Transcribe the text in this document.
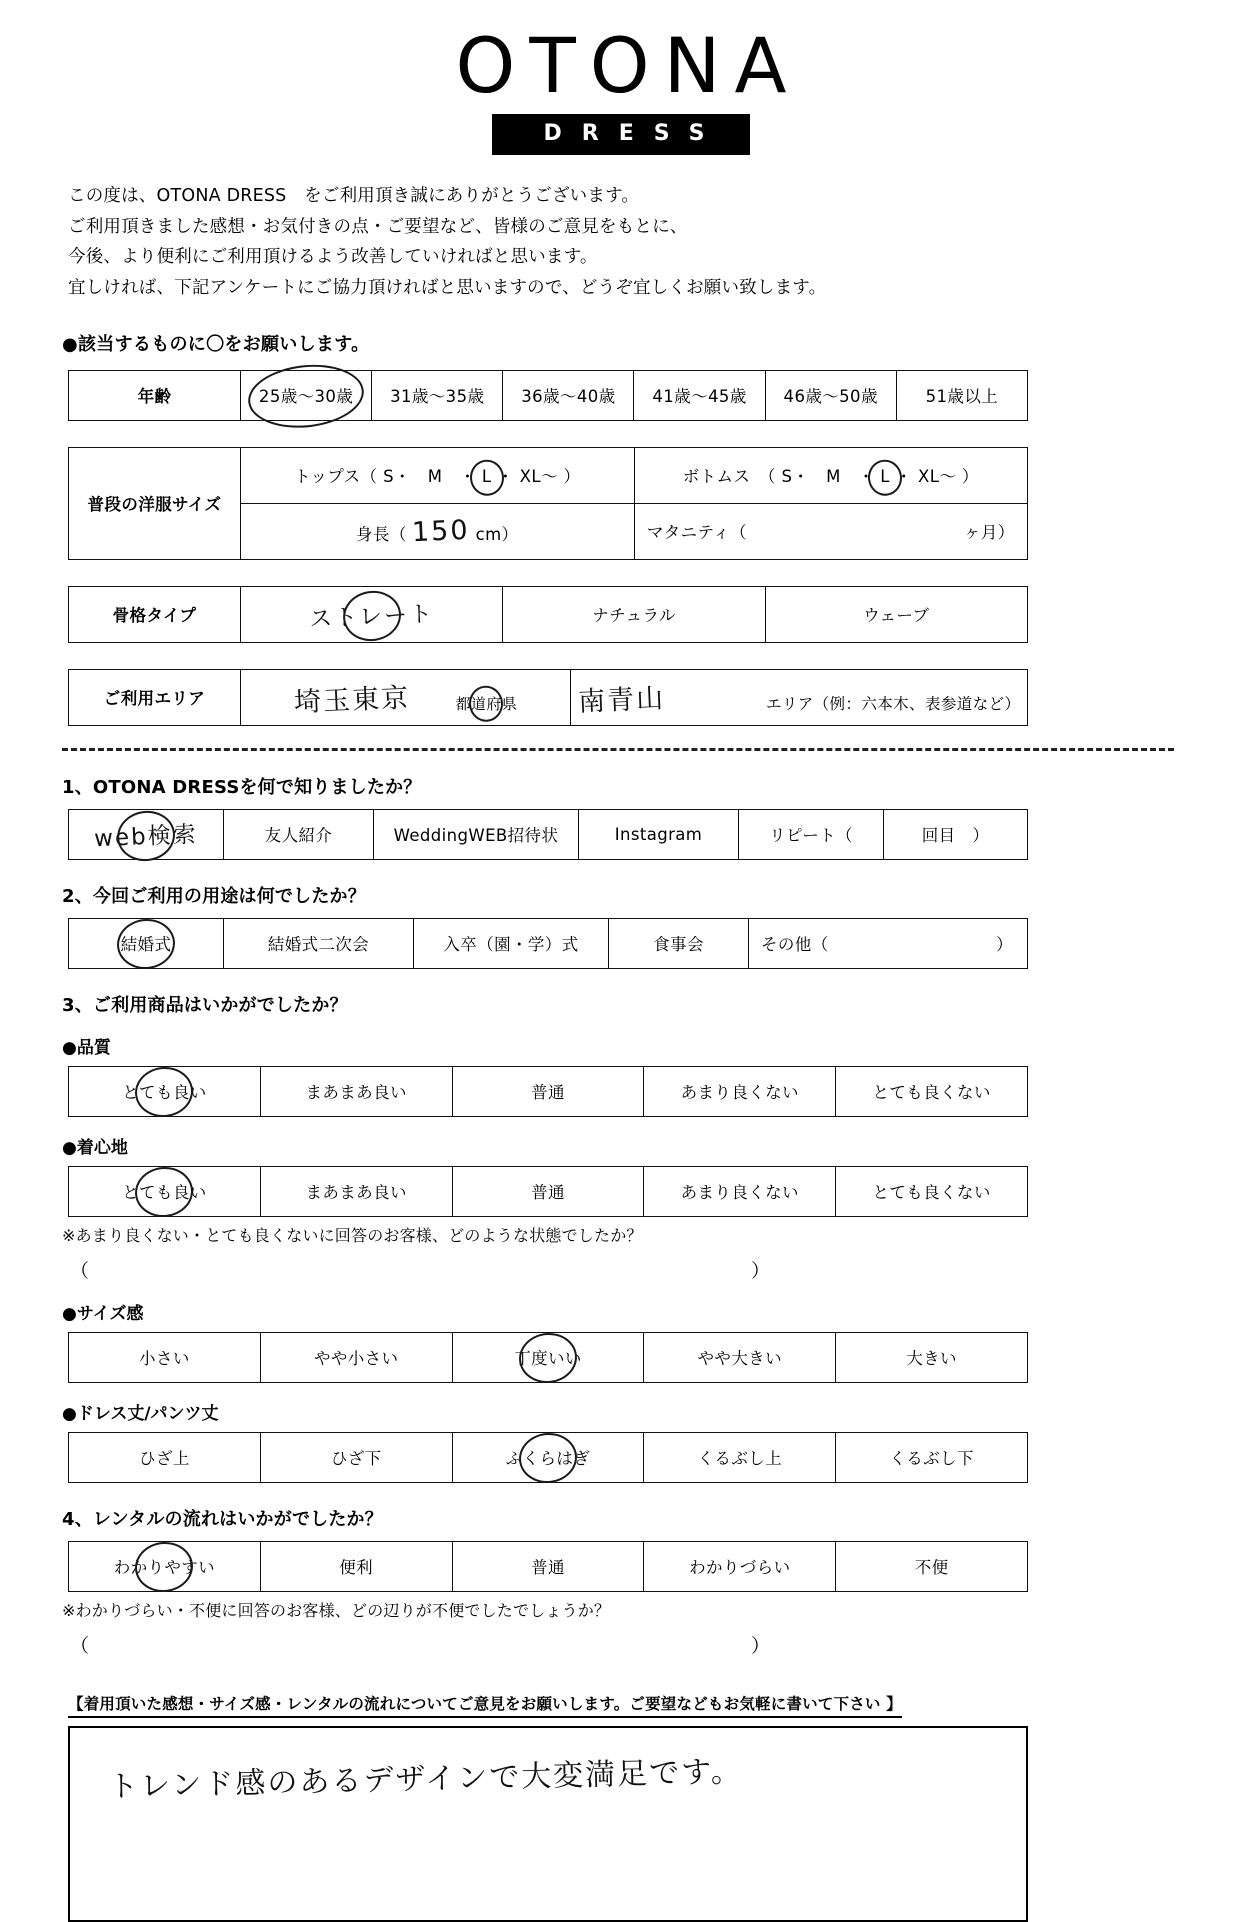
OTONA
DRESS
この度は、OTONA DRESS　をご利用頂き誠にありがとうございます。
ご利用頂きました感想・お気付きの点・ご要望など、皆様のご意見をもとに、
今後、より便利にご利用頂けるよう改善していければと思います。
宜しければ、下記アンケートにご協力頂ければと思いますので、どうぞ宜しくお願い致します。
●該当するものに〇をお願いします。
年齢	25歳〜30歳	31歳〜35歳	36歳〜40歳	41歳〜45歳	46歳〜50歳	51歳以上
普段の洋服サイズ	トップス（ S・　M　・ L ・ XL〜 ）	ボトムス　（ S・　M　・ L ・ XL〜 ）
	身長（ 150 cm）	マタニティ（ ヶ月）
骨格タイプ	ストレート	ナチュラル	ウェーブ
ご利用エリア	埼玉東京	都道府県	南青山	エリア（例：六本木、表参道など）
1、OTONA DRESSを何で知りましたか？
web検索	友人紹介	WeddingWEB招待状	Instagram	リピート（	回目　）
2、今回ご利用の用途は何でしたか？
結婚式	結婚式二次会	入卒（園・学）式	食事会	その他（	）
3、ご利用商品はいかがでしたか？
●品質
とても良い	まあまあ良い	普通	あまり良くない	とても良くない
●着心地
とても良い	まあまあ良い	普通	あまり良くない	とても良くない
※あまり良くない・とても良くないに回答のお客様、どのような状態でしたか？
（	）
●サイズ感
小さい	やや小さい	丁度いい	やや大きい	大きい
●ドレス丈/パンツ丈
ひざ上	ひざ下	ふくらはぎ	くるぶし上	くるぶし下
4、レンタルの流れはいかがでしたか？
わかりやすい	便利	普通	わかりづらい	不便
※わかりづらい・不便に回答のお客様、どの辺りが不便でしたでしょうか？
（	）
【着用頂いた感想・サイズ感・レンタルの流れについてご意見をお願いします。ご要望などもお気軽に書いて下さい 】
トレンド感のあるデザインで大変満足です。
